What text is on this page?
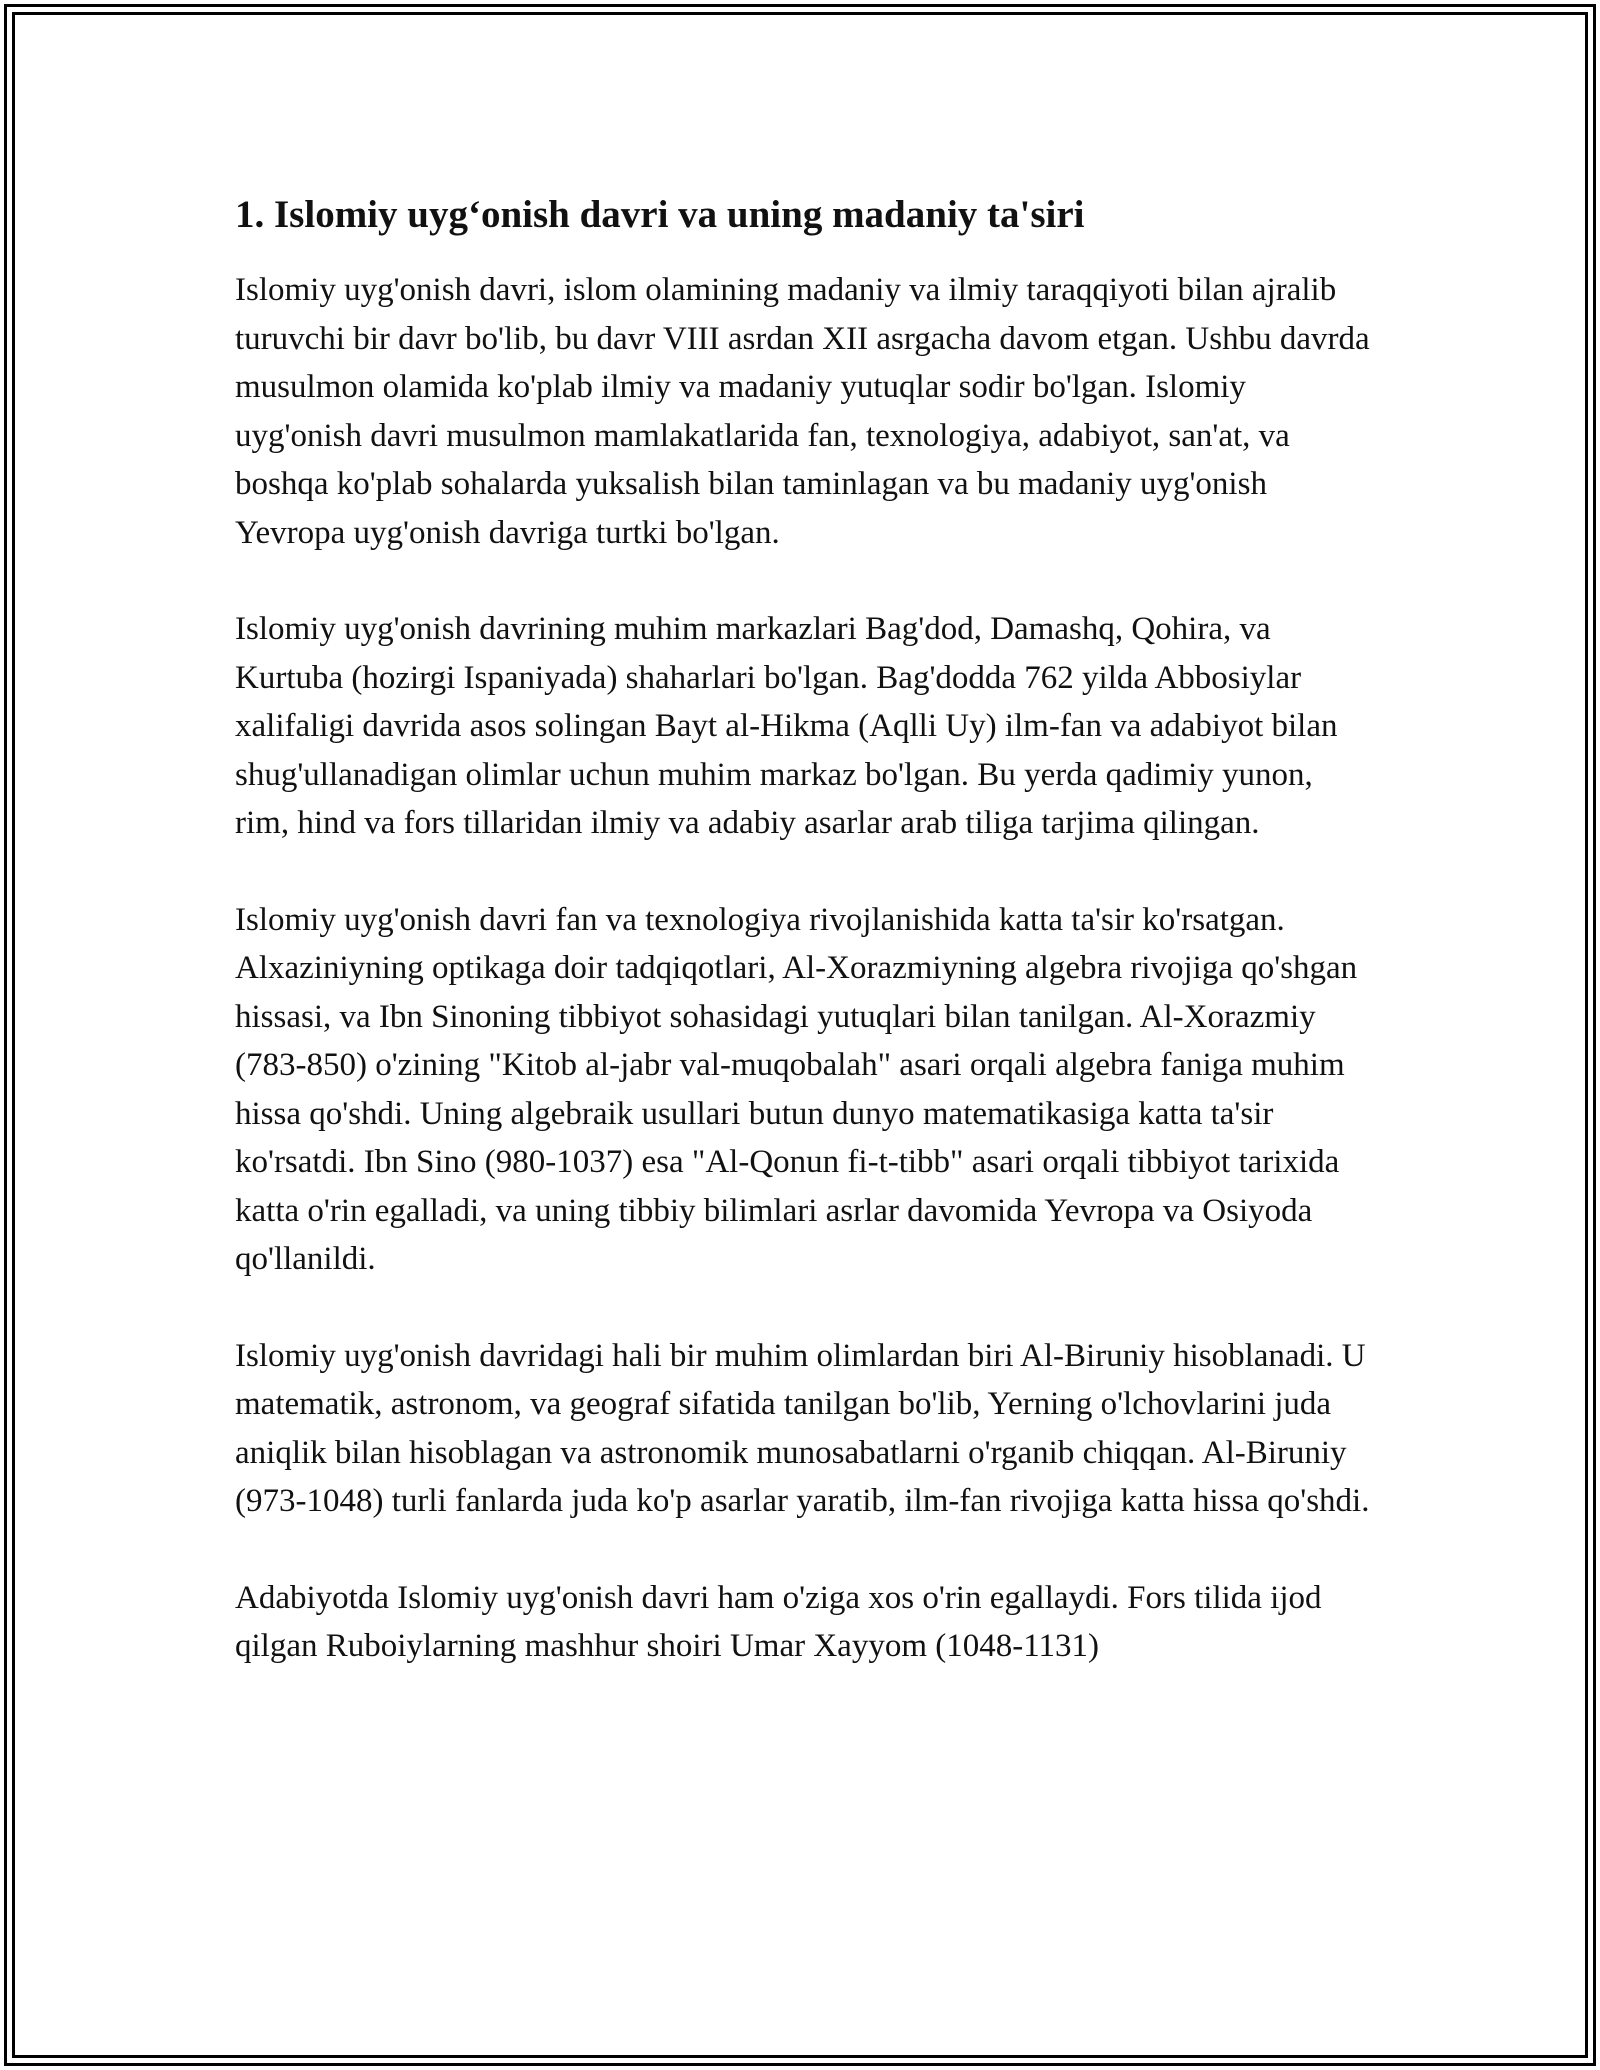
1. Islomiy uyg‘onish davri va uning madaniy ta'siri

Islomiy uyg'onish davri, islom olamining madaniy va ilmiy taraqqiyoti bilan ajralib turuvchi bir davr bo'lib, bu davr VIII asrdan XII asrgacha davom etgan. Ushbu davrda musulmon olamida ko'plab ilmiy va madaniy yutuqlar sodir bo'lgan. Islomiy uyg'onish davri musulmon mamlakatlarida fan, texnologiya, adabiyot, san'at, va boshqa ko'plab sohalarda yuksalish bilan taminlagan va bu madaniy uyg'onish Yevropa uyg'onish davriga turtki bo'lgan.

Islomiy uyg'onish davrining muhim markazlari Bag'dod, Damashq, Qohira, va Kurtuba (hozirgi Ispaniyada) shaharlari bo'lgan. Bag'dodda 762 yilda Abbosiylar xalifaligi davrida asos solingan Bayt al-Hikma (Aqlli Uy) ilm-fan va adabiyot bilan shug'ullanadigan olimlar uchun muhim markaz bo'lgan. Bu yerda qadimiy yunon, rim, hind va fors tillaridan ilmiy va adabiy asarlar arab tiliga tarjima qilingan.

Islomiy uyg'onish davri fan va texnologiya rivojlanishida katta ta'sir ko'rsatgan. Alxaziniyning optikaga doir tadqiqotlari, Al-Xorazmiyning algebra rivojiga qo'shgan hissasi, va Ibn Sinoning tibbiyot sohasidagi yutuqlari bilan tanilgan. Al-Xorazmiy (783-850) o'zining "Kitob al-jabr val-muqobalah" asari orqali algebra faniga muhim hissa qo'shdi. Uning algebraik usullari butun dunyo matematikasiga katta ta'sir ko'rsatdi. Ibn Sino (980-1037) esa "Al-Qonun fi-t-tibb" asari orqali tibbiyot tarixida katta o'rin egalladi, va uning tibbiy bilimlari asrlar davomida Yevropa va Osiyoda qo'llanildi.

Islomiy uyg'onish davridagi hali bir muhim olimlardan biri Al-Biruniy hisoblanadi. U matematik, astronom, va geograf sifatida tanilgan bo'lib, Yerning o'lchovlarini juda aniqlik bilan hisoblagan va astronomik munosabatlarni o'rganib chiqqan. Al-Biruniy (973-1048) turli fanlarda juda ko'p asarlar yaratib, ilm-fan rivojiga katta hissa qo'shdi.

Adabiyotda Islomiy uyg'onish davri ham o'ziga xos o'rin egallaydi. Fors tilida ijod qilgan Ruboiylarning mashhur shoiri Umar Xayyom (1048-1131)
